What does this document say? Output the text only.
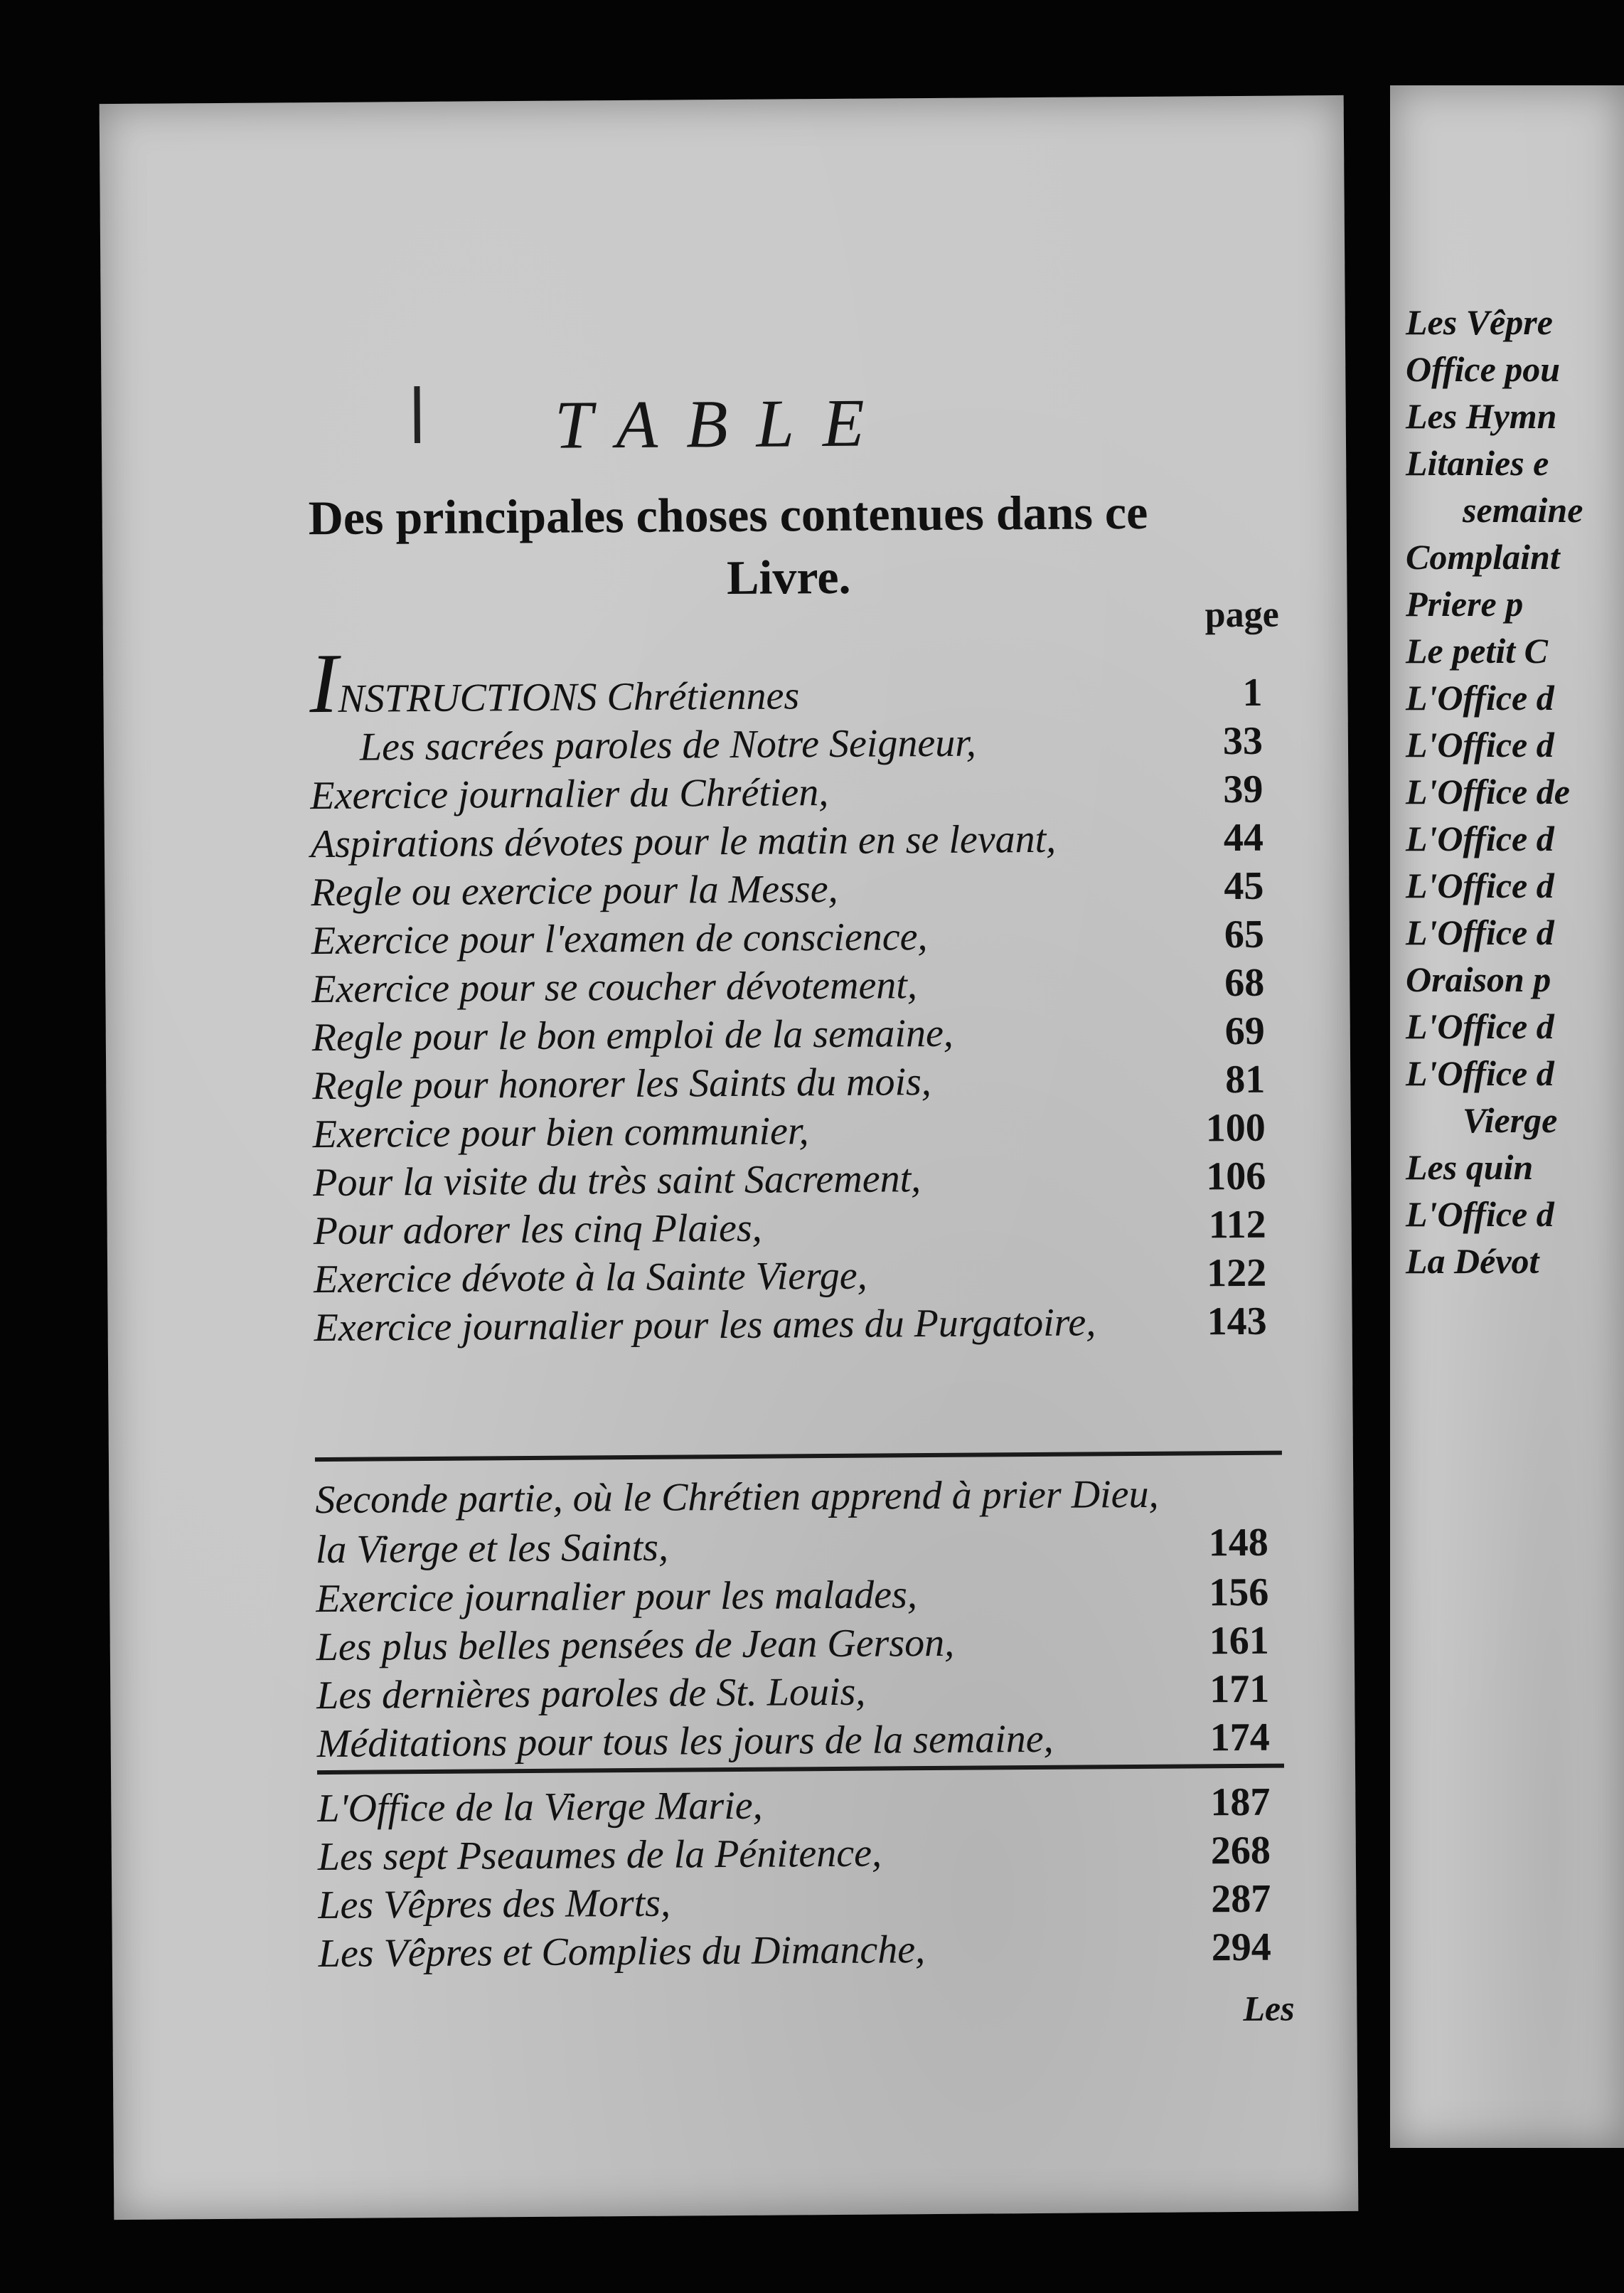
TABLE
Des principales choses contenues dans ce
Livre.
page
INSTRUCTIONS Chrétiennes	1
Les sacrées paroles de Notre Seigneur,	33
Exercice journalier du Chrétien,	39
Aspirations dévotes pour le matin en se levant,	44
Regle ou exercice pour la Messe,	45
Exercice pour l'examen de conscience,	65
Exercice pour se coucher dévotement,	68
Regle pour le bon emploi de la semaine,	69
Regle pour honorer les Saints du mois,	81
Exercice pour bien communier,	100
Pour la visite du très saint Sacrement,	106
Pour adorer les cinq Plaies,	112
Exercice dévote à la Sainte Vierge,	122
Exercice journalier pour les ames du Purgatoire,	143
Seconde partie, où le Chrétien apprend à prier Dieu, la Vierge et les Saints,	148
Exercice journalier pour les malades,	156
Les plus belles pensées de Jean Gerson,	161
Les dernières paroles de St. Louis,	171
Méditations pour tous les jours de la semaine,	174
L'Office de la Vierge Marie,	187
Les sept Pseaumes de la Pénitence,	268
Les Vêpres des Morts,	287
Les Vêpres et Complies du Dimanche,	294
Les
Les Vêpre
Office pou
Les Hymn
Litanies e
semaine
Complaint
Priere p
Le petit C
L'Office d
L'Office d
L'Office de
L'Office d
L'Office d
L'Office d
Oraison p
L'Office d
L'Office d
Vierge
Les quin
L'Office d
La Dévot
